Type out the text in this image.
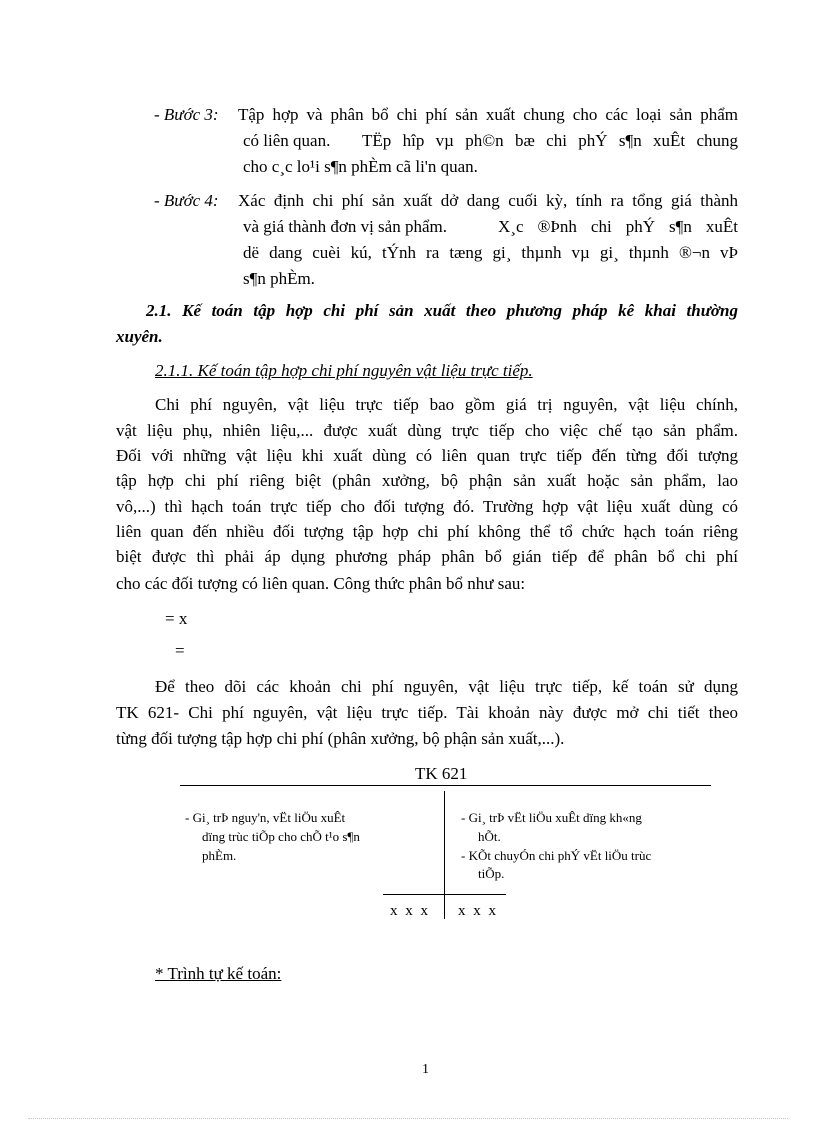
- Bước 3: Tập hợp và phân bổ chi phí sản xuất chung cho các loại sản phẩm
có liên quan. TËp hîp vµ ph©n bæ chi phÝ s¶n xuÊt chung
cho c¸c lo¹i s¶n phÈm cã li'n quan.
- Bước 4: Xác định chi phí sản xuất dở dang cuối kỳ, tính ra tổng giá thành
và giá thành đơn vị sản phẩm.	X¸c ®Þnh chi phÝ s¶n xuÊt
dë dang cuèi kú, tÝnh ra tæng gi¸ thµnh vµ gi¸ thµnh ®¬n vÞ
s¶n phÈm.
2.1. Kế toán tập hợp chi phí sản xuất theo phương pháp kê khai thường
xuyên.
2.1.1. Kế toán tập hợp chi phí nguyên vật liệu trực tiếp.
Chi phí nguyên, vật liệu trực tiếp bao gồm giá trị nguyên, vật liệu chính,
vật liệu phụ, nhiên liệu,... được xuất dùng trực tiếp cho việc chế tạo sản phẩm.
Đối với những vật liệu khi xuất dùng có liên quan trực tiếp đến từng đối tượng
tập hợp chi phí riêng biệt (phân xưởng, bộ phận sản xuất hoặc sản phẩm, lao
vô,...) thì hạch toán trực tiếp cho đối tượng đó. Trường hợp vật liệu xuất dùng có
liên quan đến nhiều đối tượng tập hợp chi phí không thể tổ chức hạch toán riêng
biệt được thì phải áp dụng phương pháp phân bổ gián tiếp để phân bổ chi phí
cho các đối tượng có liên quan. Công thức phân bổ như sau:
= x
=
Để theo dõi các khoản chi phí nguyên, vật liệu trực tiếp, kế toán sử dụng
TK 621- Chi phí nguyên, vật liệu trực tiếp. Tài khoản này được mở chi tiết theo
từng đối tượng tập hợp chi phí (phân xưởng, bộ phận sản xuất,...).
TK 621
- Gi¸ trÞ nguy'n, vËt liÖu xuÊt
dïng trùc tiÕp cho chÕ t¹o s¶n
phÈm.
- Gi¸ trÞ vËt liÖu xuÊt dïng kh«ng
hÕt.
- KÕt chuyÓn chi phÝ vËt liÖu trùc
tiÕp.
x x x x x x
* Trình tự kế toán:
1
